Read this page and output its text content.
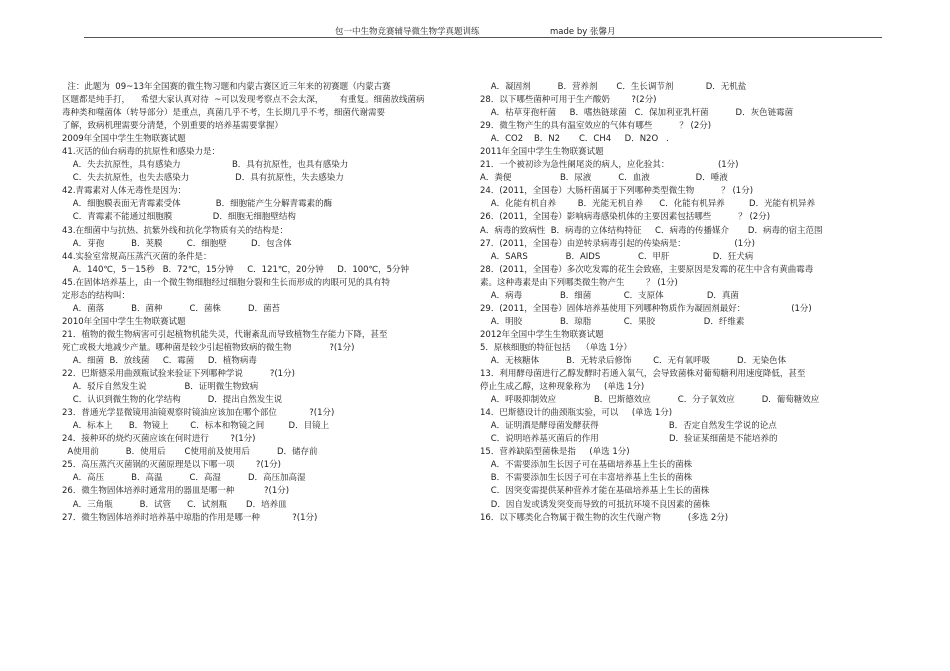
包一中生物竞赛辅导微生物学真题训练	made by 张馨月
注：此题为  09~13年全国赛的微生物习题和内蒙古赛区近三年来的初赛题（内蒙古赛
区题都是纯手打，    希望大家认真对待  ~可以发现考察点不会太深，      有重复。细菌放线菌病
毒种类和噬菌体（转导部分）是重点，真菌几乎不考，生长期几乎不考，细菌代谢需要
了解，致病机理需要分清楚，个别重要的培养基需要掌握）
2009年全国中学生生物联赛试题
41.灭活的仙台病毒的抗原性和感染力是：
A．失去抗原性，具有感染力                   B．具有抗原性，也具有感染力
C．失去抗原性，也失去感染力                 D．具有抗原性，失去感染力
42.青霉素对人体无毒性是因为：
A．细胞膜表面无青霉素受体             B．细胞能产生分解青霉素的酶
C．青霉素不能通过细胞膜               D．细胞无细胞壁结构
43.在细菌中与抗热、抗紫外线和抗化学物质有关的结构是：
A．芽孢          B．荚膜         C．细胞壁         D．包含体
44.实验室常规高压蒸汽灭菌的条件是：
A．140℃，5－15秒   B．72℃，15分钟     C．121℃，20分钟     D．100℃，5分钟
45.在固体培养基上，由一个微生物细胞经过细胞分裂和生长而形成的肉眼可见的具有特
定形态的结构叫：
A．菌落          B．菌种          C．菌株          D．菌苔
2010年全国中学生生物联赛试题
21．植物的微生物病害可引起植物机能失灵，代谢紊乱而导致植物生存能力下降，甚至
死亡或极大地减少产量。哪种菌是较少引起植物致病的微生物              ?(1分)
A．细菌  B．放线菌     C．霉菌     D．植物病毒
22．巴斯德采用曲颈瓶试验来验证下列哪种学说          ?(1分)
A．驳斥自然发生说              B．证明微生物致病
C．认识到微生物的化学结构          D．提出自然发生说
23．普通光学显微镜用油镜观察时镜油应该加在哪个部位            ?(1分)
A．标本上      B．物镜上        C．标本和物镜之间         D．目镜上
24．接种环的烧灼灭菌应该在何时进行        ?(1分)
A使用前          B．使用后       C使用前及使用后          D．储存前
25．高压蒸汽灭菌锅的灭菌原理是以下哪一项        ?(1分)
A．高压          B．高温          C．高湿          D．高压加高湿
26．微生物固体培养时通常用的器皿是哪一种           ?(1分)
A．三角瓶          B．试管      C．试剂瓶       D．培养皿
27．微生物固体培养时培养基中琼脂的作用是哪一种            ?(1分)
A．凝固剂          B．营养剂       C．生长调节剂            D．无机盐
28．以下哪些菌种可用于生产酸奶        ?(2分)
A．枯草芽孢杆菌     B．嗜热链球菌   C．保加利亚乳杆菌          D．灰色链霉菌
29．微生物产生的具有温室效应的气体有哪些          ？ (2分)
A．CO2    B．N2       C．CH4     D．N2O   .
2011年全国中学生生物联赛试题
21．一个被初诊为急性阑尾炎的病人，应化验其：                  (1分)
A．粪便                  B．尿液          C．血液                 D．唾液
24．(2011，全国卷）大肠杆菌属于下列哪种类型微生物          ？ (1分)
A．化能有机自养        B．光能无机自养      C．化能有机异养         D．光能有机异养
26．(2011，全国卷）影响病毒感染机体的主要因素包括哪些          ？ (2分)
A．病毒的致病性  B．病毒的立体结构特征     C．病毒的传播媒介       D．病毒的宿主范围
27．(2011，全国卷）由逆转录病毒引起的传染病是：                  (1分)
A．SARS              B．AIDS              C．甲肝                D．狂犬病
28．(2011，全国卷）多次吃发霉的花生会致癌，主要原因是发霉的花生中含有黄曲霉毒
素。这种毒素是由下列哪类微生物产生        ？ (1分)
A．病毒              B．细菌            C．支原体                D．真菌
29．(2011，全国卷）固体培养基使用下列哪种物质作为凝固剂最好：                 (1分)
A．明胶              B．琼脂            C．果胶                  D．纤维素
2012年全国中学生生物联赛试题
5．原核细胞的特征包括    （单选 1分）
A．无核糖体          B．无转录后修饰        C．无有氧呼吸          D．无染色体
13．利用酵母菌进行乙醇发酵时若通入氧气，会导致菌株对葡萄糖利用速度降低，甚至
停止生成乙醇，这种现象称为     (单选 1分)
A．呼吸抑制效应              B．巴斯德效应          C．分子氧效应          D．葡萄糖效应
14．巴斯德设计的曲颈瓶实验，可以     (单选 1分)
A．证明酒是酵母菌发酵获得                          B．否定自然发生学说的论点
C．说明培养基灭菌后的作用                          D．验证某细菌是不能培养的
15．营养缺陷型菌株是指     (单选 1分)
A．不需要添加生长因子可在基础培养基上生长的菌株
B．不需要添加生长因子可在丰富培养基上生长的菌株
C．因突变需提供某种营养才能在基础培养基上生长的菌株
D．因自发或诱发突变而导致的可抵抗环境不良因素的菌株
16．以下哪类化合物属于微生物的次生代谢产物          (多选 2分)
